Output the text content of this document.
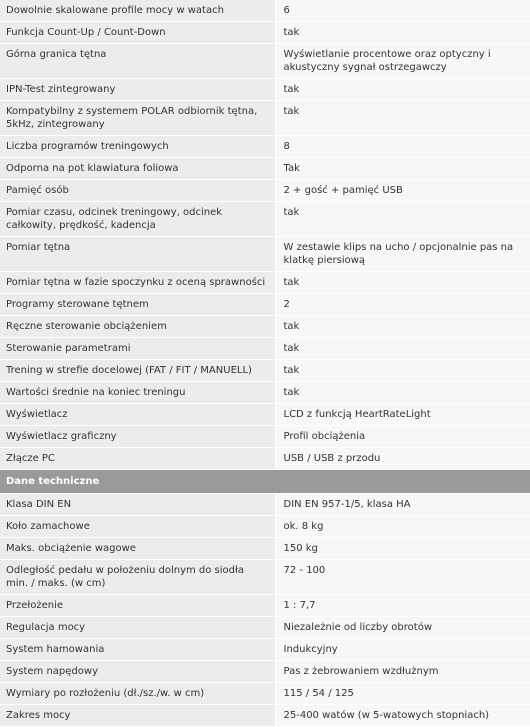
Dowolnie skalowane profile mocy w watach	6
Funkcja Count-Up / Count-Down	tak
Górna granica tętna	Wyświetlanie procentowe oraz optyczny i akustyczny sygnał ostrzegawczy
IPN-Test zintegrowany	tak
Kompatybilny z systemem POLAR odbiornik tętna, 5kHz, zintegrowany	tak
Liczba programów treningowych	8
Odporna na pot klawiatura foliowa	Tak
Pamięć osób	2 + gość + pamięć USB
Pomiar czasu, odcinek treningowy, odcinek całkowity, prędkość, kadencja	tak
Pomiar tętna	W zestawie klips na ucho / opcjonalnie pas na klatkę piersiową
Pomiar tętna w fazie spoczynku z oceną sprawności	tak
Programy sterowane tętnem	2
Ręczne sterowanie obciążeniem	tak
Sterowanie parametrami	tak
Trening w strefie docelowej (FAT / FIT / MANUELL)	tak
Wartości średnie na koniec treningu	tak
Wyświetlacz	LCD z funkcją HeartRateLight
Wyświetlacz graficzny	Profil obciążenia
Złącze PC	USB / USB z przodu
Dane techniczne	
Klasa DIN EN	DIN EN 957-1/5, klasa HA
Koło zamachowe	ok. 8 kg
Maks. obciążenie wagowe	150 kg
Odległość pedału w położeniu dolnym do siodła min. / maks. (w cm)	72 - 100
Przełożenie	1 : 7,7
Regulacja mocy	Niezależnie od liczby obrotów
System hamowania	Indukcyjny
System napędowy	Pas z żebrowaniem wzdłużnym
Wymiary po rozłożeniu (dł./sz./w. w cm)	115 / 54 / 125
Zakres mocy	25-400 watów (w 5-watowych stopniach)
